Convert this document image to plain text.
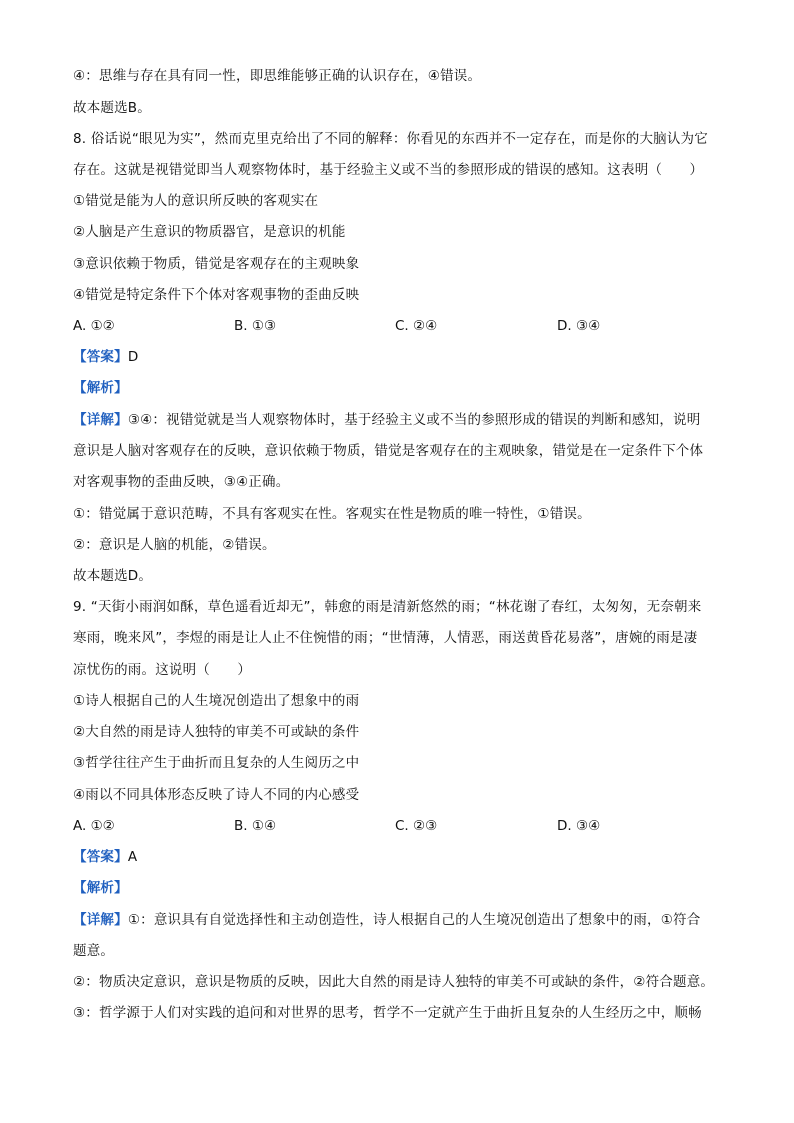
④：思维与存在具有同一性，即思维能够正确的认识存在，④错误。
故本题选B。
8. 俗话说“眼见为实”，然而克里克给出了不同的解释：你看见的东西并不一定存在，而是你的大脑认为它
存在。这就是视错觉即当人观察物体时，基于经验主义或不当的参照形成的错误的感知。这表明（　　）
①错觉是能为人的意识所反映的客观实在
②人脑是产生意识的物质器官，是意识的机能
③意识依赖于物质，错觉是客观存在的主观映象
④错觉是特定条件下个体对客观事物的歪曲反映
A. ①②	B. ①③	C. ②④	D. ③④
【答案】D
【解析】
【详解】③④：视错觉就是当人观察物体时，基于经验主义或不当的参照形成的错误的判断和感知，说明
意识是人脑对客观存在的反映，意识依赖于物质，错觉是客观存在的主观映象，错觉是在一定条件下个体
对客观事物的歪曲反映，③④正确。
①：错觉属于意识范畴，不具有客观实在性。客观实在性是物质的唯一特性，①错误。
②：意识是人脑的机能，②错误。
故本题选D。
9. “天街小雨润如酥，草色遥看近却无”，韩愈的雨是清新悠然的雨；“林花谢了春红，太匆匆，无奈朝来
寒雨，晚来风”，李煜的雨是让人止不住惋惜的雨；“世情薄，人情恶，雨送黄昏花易落”，唐婉的雨是凄
凉忧伤的雨。这说明（　　）
①诗人根据自己的人生境况创造出了想象中的雨
②大自然的雨是诗人独特的审美不可或缺的条件
③哲学往往产生于曲折而且复杂的人生阅历之中
④雨以不同具体形态反映了诗人不同的内心感受
A. ①②	B. ①④	C. ②③	D. ③④
【答案】A
【解析】
【详解】①：意识具有自觉选择性和主动创造性，诗人根据自己的人生境况创造出了想象中的雨，①符合
题意。
②：物质决定意识，意识是物质的反映，因此大自然的雨是诗人独特的审美不可或缺的条件，②符合题意。
③：哲学源于人们对实践的追问和对世界的思考，哲学不一定就产生于曲折且复杂的人生经历之中，顺畅
